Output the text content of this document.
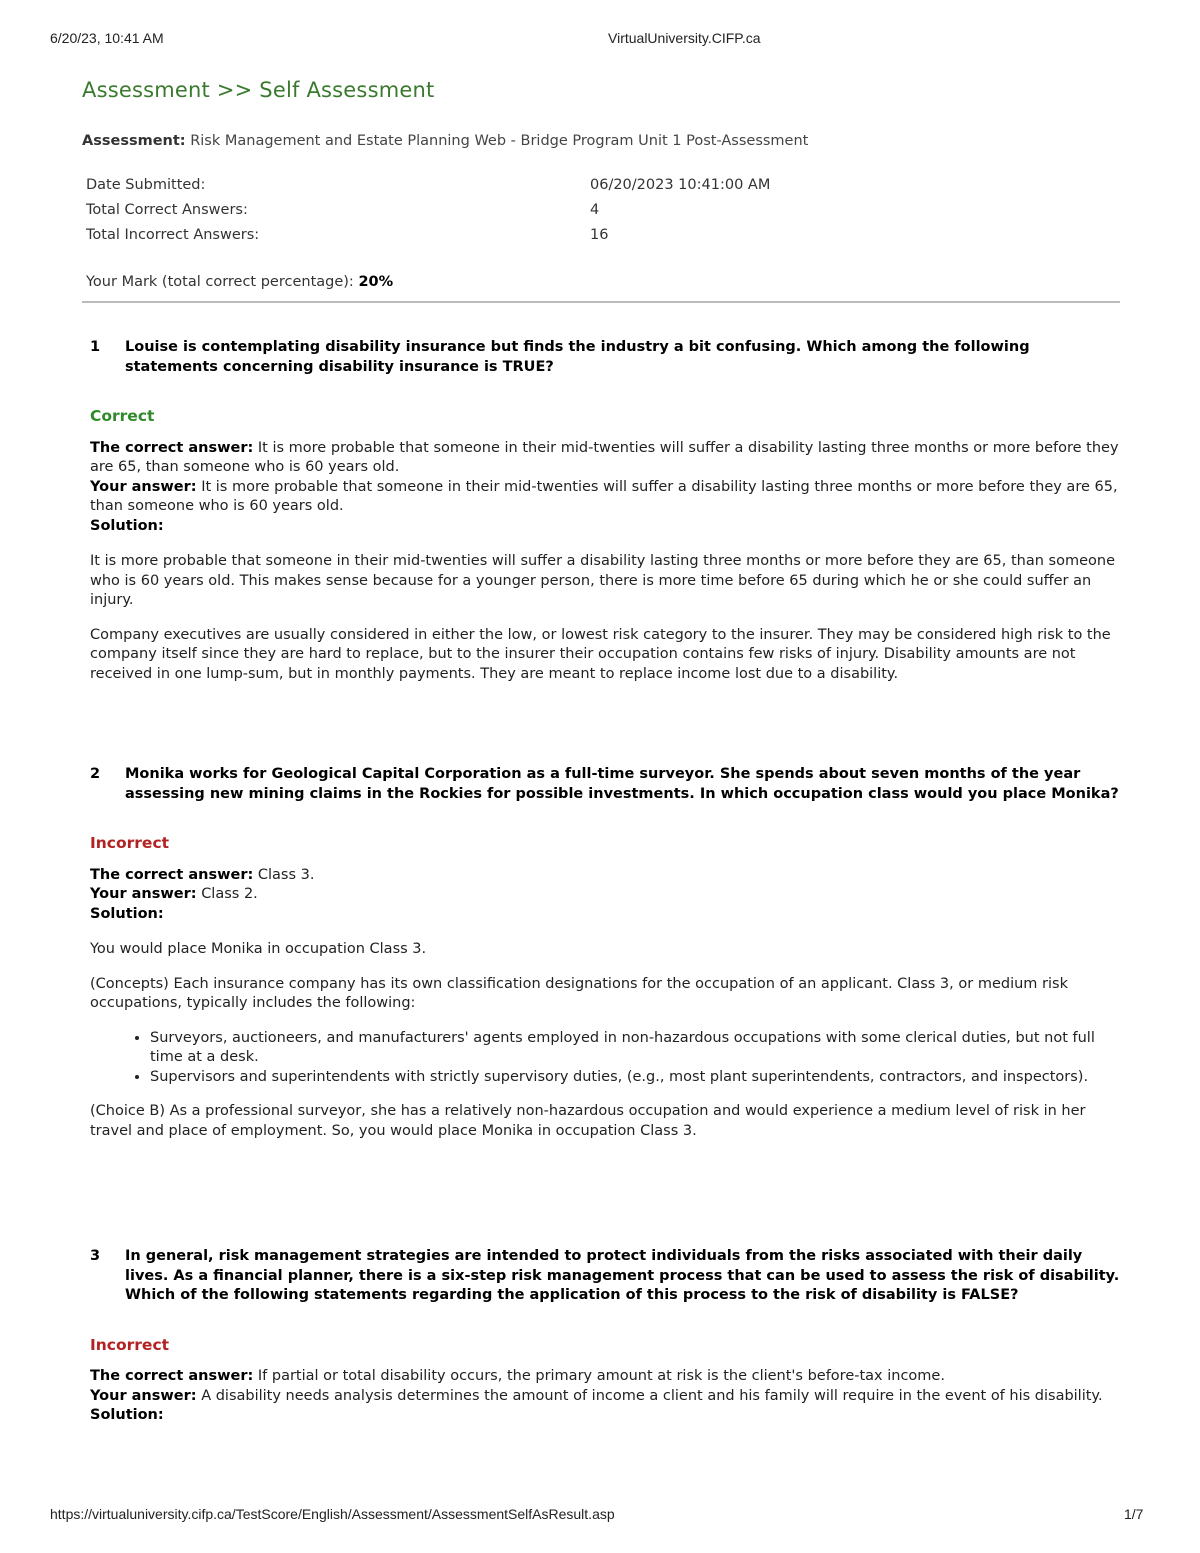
6/20/23, 10:41 AM	VirtualUniversity.CIFP.ca
Assessment >> Self Assessment
Assessment: Risk Management and Estate Planning Web - Bridge Program Unit 1 Post-Assessment
Date Submitted:	06/20/2023 10:41:00 AM
Total Correct Answers:	4
Total Incorrect Answers:	16
Your Mark (total correct percentage): 20%
1 Louise is contemplating disability insurance but finds the industry a bit confusing. Which among the following statements concerning disability insurance is TRUE?
Correct
The correct answer: It is more probable that someone in their mid-twenties will suffer a disability lasting three months or more before they are 65, than someone who is 60 years old.
Your answer: It is more probable that someone in their mid-twenties will suffer a disability lasting three months or more before they are 65, than someone who is 60 years old.
Solution:
It is more probable that someone in their mid-twenties will suffer a disability lasting three months or more before they are 65, than someone who is 60 years old. This makes sense because for a younger person, there is more time before 65 during which he or she could suffer an injury.
Company executives are usually considered in either the low, or lowest risk category to the insurer. They may be considered high risk to the company itself since they are hard to replace, but to the insurer their occupation contains few risks of injury. Disability amounts are not received in one lump-sum, but in monthly payments. They are meant to replace income lost due to a disability.
2 Monika works for Geological Capital Corporation as a full-time surveyor. She spends about seven months of the year assessing new mining claims in the Rockies for possible investments. In which occupation class would you place Monika?
Incorrect
The correct answer: Class 3.
Your answer: Class 2.
Solution:
You would place Monika in occupation Class 3.
(Concepts) Each insurance company has its own classification designations for the occupation of an applicant. Class 3, or medium risk occupations, typically includes the following:
• Surveyors, auctioneers, and manufacturers' agents employed in non-hazardous occupations with some clerical duties, but not full time at a desk.
• Supervisors and superintendents with strictly supervisory duties, (e.g., most plant superintendents, contractors, and inspectors).
(Choice B) As a professional surveyor, she has a relatively non-hazardous occupation and would experience a medium level of risk in her travel and place of employment. So, you would place Monika in occupation Class 3.
3 In general, risk management strategies are intended to protect individuals from the risks associated with their daily lives. As a financial planner, there is a six-step risk management process that can be used to assess the risk of disability. Which of the following statements regarding the application of this process to the risk of disability is FALSE?
Incorrect
The correct answer: If partial or total disability occurs, the primary amount at risk is the client's before-tax income.
Your answer: A disability needs analysis determines the amount of income a client and his family will require in the event of his disability.
Solution:
https://virtualuniversity.cifp.ca/TestScore/English/Assessment/AssessmentSelfAsResult.asp	1/7
